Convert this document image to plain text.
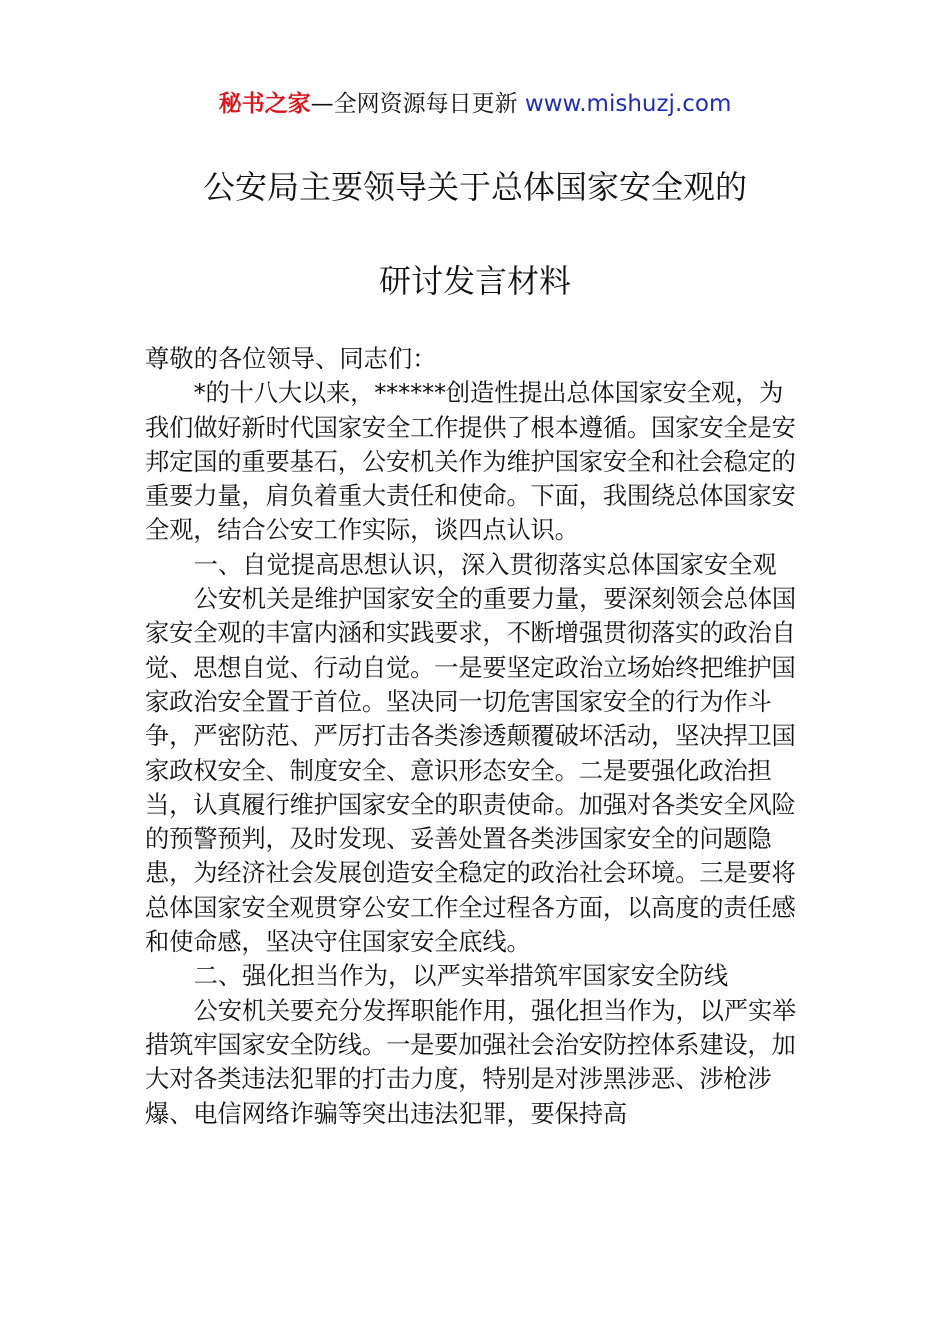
秘书之家—全网资源每日更新 www.mishuzj.com
公安局主要领导关于总体国家安全观的
研讨发言材料

尊敬的各位领导、同志们：

*的十八大以来，******创造性提出总体国家安全观，为我们做好新时代国家安全工作提供了根本遵循。国家安全是安邦定国的重要基石，公安机关作为维护国家安全和社会稳定的重要力量，肩负着重大责任和使命。下面，我围绕总体国家安全观，结合公安工作实际，谈四点认识。

一、自觉提高思想认识，深入贯彻落实总体国家安全观

公安机关是维护国家安全的重要力量，要深刻领会总体国家安全观的丰富内涵和实践要求，不断增强贯彻落实的政治自觉、思想自觉、行动自觉。一是要坚定政治立场始终把维护国家政治安全置于首位。坚决同一切危害国家安全的行为作斗争，严密防范、严厉打击各类渗透颠覆破坏活动，坚决捍卫国家政权安全、制度安全、意识形态安全。二是要强化政治担当，认真履行维护国家安全的职责使命。加强对各类安全风险的预警预判，及时发现、妥善处置各类涉国家安全的问题隐患，为经济社会发展创造安全稳定的政治社会环境。三是要将总体国家安全观贯穿公安工作全过程各方面，以高度的责任感和使命感，坚决守住国家安全底线。

二、强化担当作为，以严实举措筑牢国家安全防线

公安机关要充分发挥职能作用，强化担当作为，以严实举措筑牢国家安全防线。一是要加强社会治安防控体系建设，加大对各类违法犯罪的打击力度，特别是对涉黑涉恶、涉枪涉爆、电信网络诈骗等突出违法犯罪，要保持高
